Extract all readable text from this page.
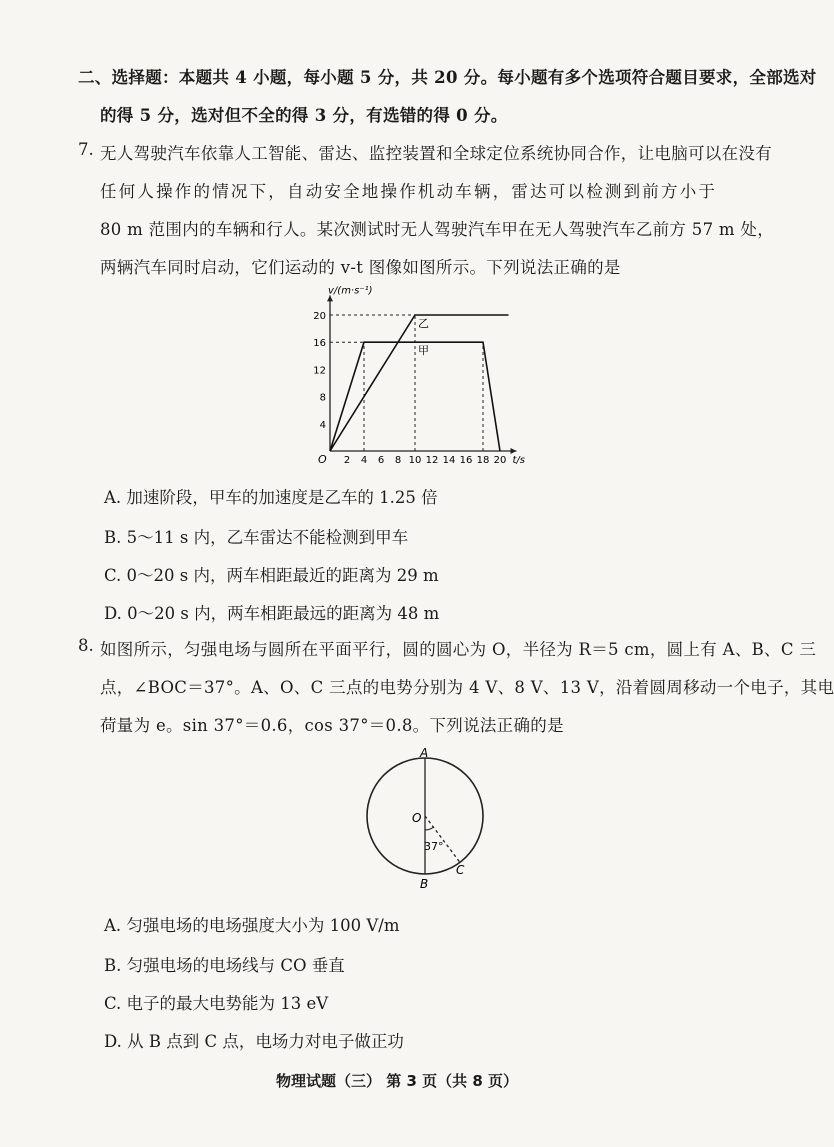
二、选择题：本题共 4 小题，每小题 5 分，共 20 分。每小题有多个选项符合题目要求，全部选对
的得 5 分，选对但不全的得 3 分，有选错的得 0 分。
7. 无人驾驶汽车依靠人工智能、雷达、监控装置和全球定位系统协同合作，让电脑可以在没有
任何人操作的情况下，自动安全地操作机动车辆，雷达可以检测到前方小于
80 m 范围内的车辆和行人。某次测试时无人驾驶汽车甲在无人驾驶汽车乙前方 57 m 处，
两辆汽车同时启动，它们运动的 v-t 图像如图所示。下列说法正确的是
v/(m·s⁻¹)
t/s
O 2 4 6 8 10 12 14 16 18 20
4
8
12
16
20
乙
甲
A. 加速阶段，甲车的加速度是乙车的 1.25 倍
B. 5～11 s 内，乙车雷达不能检测到甲车
C. 0～20 s 内，两车相距最近的距离为 29 m
D. 0～20 s 内，两车相距最远的距离为 48 m
8. 如图所示，匀强电场与圆所在平面平行，圆的圆心为 O，半径为 R＝5 cm，圆上有 A、B、C 三
点，∠BOC＝37°。A、O、C 三点的电势分别为 4 V、8 V、13 V，沿着圆周移动一个电子，其电
荷量为 e。sin 37°＝0.6，cos 37°＝0.8。下列说法正确的是
A
O
37°
B
C
A. 匀强电场的电场强度大小为 100 V/m
B. 匀强电场的电场线与 CO 垂直
C. 电子的最大电势能为 13 eV
D. 从 B 点到 C 点，电场力对电子做正功
物理试题（三） 第 3 页（共 8 页）
